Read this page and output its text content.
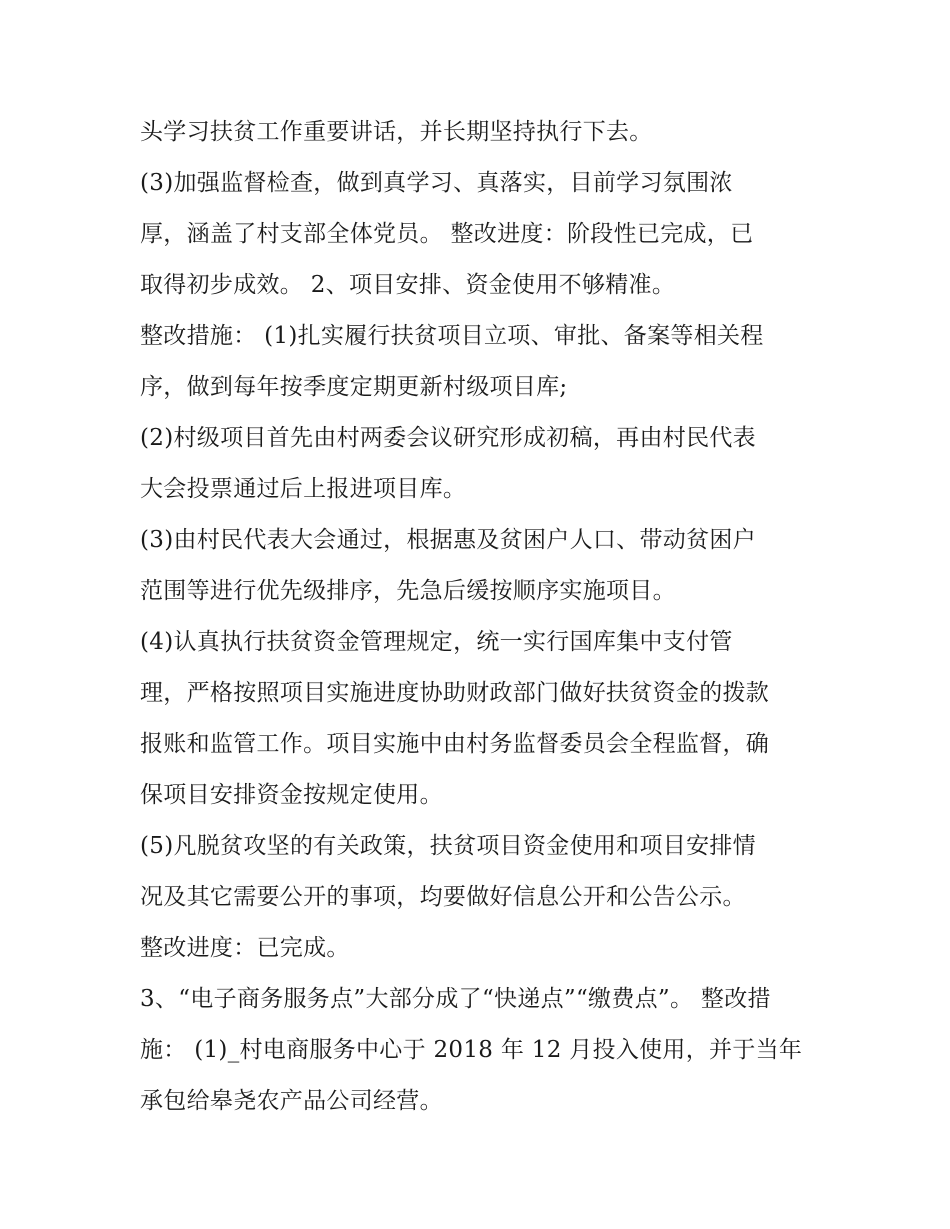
头学习扶贫工作重要讲话，并长期坚持执行下去。
(3)加强监督检查，做到真学习、真落实，目前学习氛围浓
厚，涵盖了村支部全体党员。 整改进度：阶段性已完成，已
取得初步成效。 2、项目安排、资金使用不够精准。
整改措施： (1)扎实履行扶贫项目立项、审批、备案等相关程
序，做到每年按季度定期更新村级项目库;
(2)村级项目首先由村两委会议研究形成初稿，再由村民代表
大会投票通过后上报进项目库。
(3)由村民代表大会通过，根据惠及贫困户人口、带动贫困户
范围等进行优先级排序，先急后缓按顺序实施项目。
(4)认真执行扶贫资金管理规定，统一实行国库集中支付管
理，严格按照项目实施进度协助财政部门做好扶贫资金的拨款
报账和监管工作。项目实施中由村务监督委员会全程监督，确
保项目安排资金按规定使用。
(5)凡脱贫攻坚的有关政策，扶贫项目资金使用和项目安排情
况及其它需要公开的事项，均要做好信息公开和公告公示。
整改进度：已完成。
3、“电子商务服务点”大部分成了“快递点”“缴费点”。 整改措
施： (1)_村电商服务中心于 2018 年 12 月投入使用，并于当年
承包给皋尧农产品公司经营。
